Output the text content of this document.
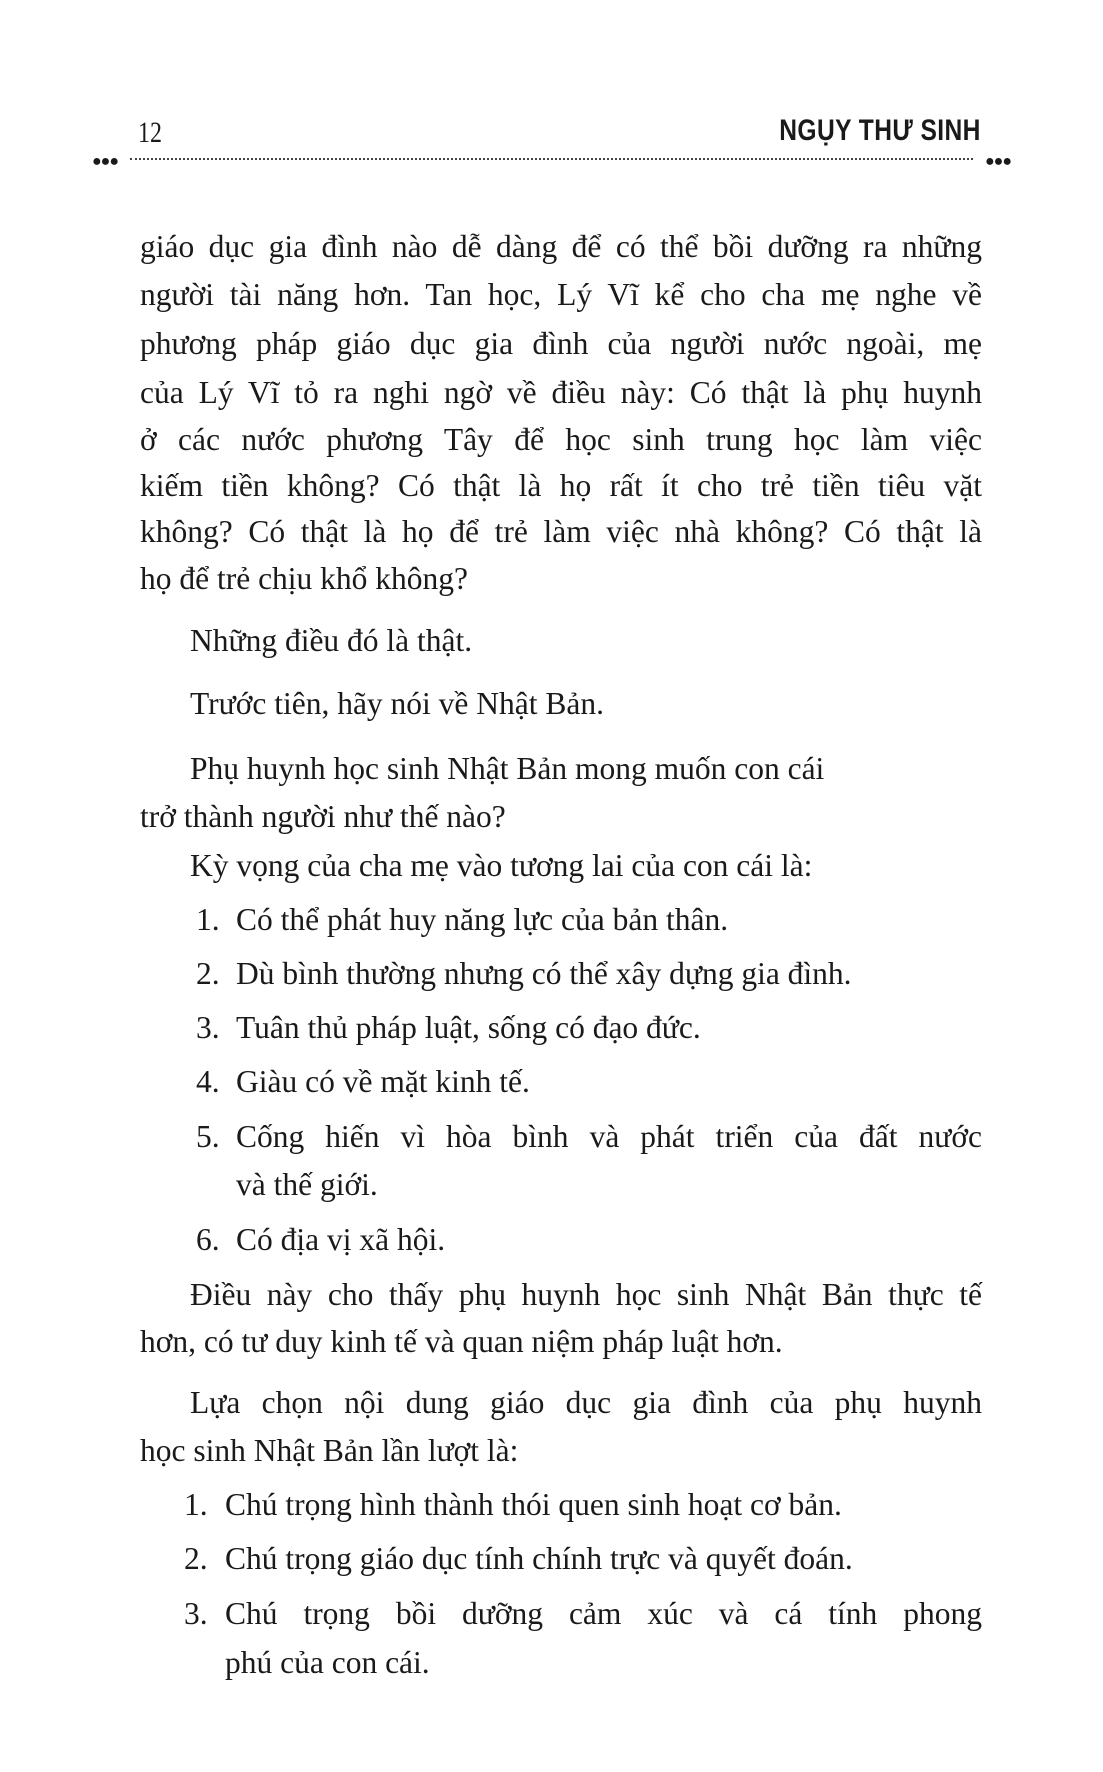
12	NGỤY THƯ SINH
●●●	●●●
giáo dục gia đình nào dễ dàng để có thể bồi dưỡng ra những
người tài năng hơn. Tan học, Lý Vĩ kể cho cha mẹ nghe về
phương pháp giáo dục gia đình của người nước ngoài, mẹ
của Lý Vĩ tỏ ra nghi ngờ về điều này: Có thật là phụ huynh
ở các nước phương Tây để học sinh trung học làm việc
kiếm tiền không? Có thật là họ rất ít cho trẻ tiền tiêu vặt
không? Có thật là họ để trẻ làm việc nhà không? Có thật là
họ để trẻ chịu khổ không?
Những điều đó là thật.
Trước tiên, hãy nói về Nhật Bản.
Phụ huynh học sinh Nhật Bản mong muốn con cái
trở thành người như thế nào?
Kỳ vọng của cha mẹ vào tương lai của con cái là:
1. Có thể phát huy năng lực của bản thân.
2. Dù bình thường nhưng có thể xây dựng gia đình.
3. Tuân thủ pháp luật, sống có đạo đức.
4. Giàu có về mặt kinh tế.
5. Cống hiến vì hòa bình và phát triển của đất nước
và thế giới.
6. Có địa vị xã hội.
Điều này cho thấy phụ huynh học sinh Nhật Bản thực tế
hơn, có tư duy kinh tế và quan niệm pháp luật hơn.
Lựa chọn nội dung giáo dục gia đình của phụ huynh
học sinh Nhật Bản lần lượt là:
1. Chú trọng hình thành thói quen sinh hoạt cơ bản.
2. Chú trọng giáo dục tính chính trực và quyết đoán.
3. Chú trọng bồi dưỡng cảm xúc và cá tính phong
phú của con cái.
